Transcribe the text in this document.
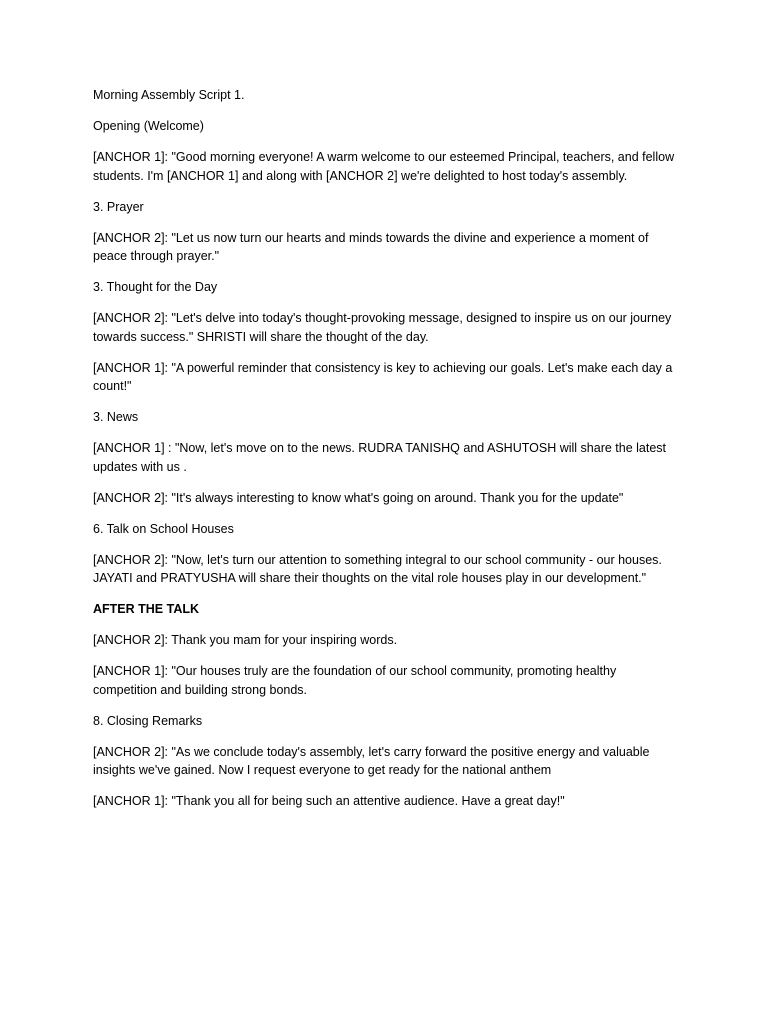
Morning Assembly Script 1.

Opening (Welcome)

[ANCHOR 1]: "Good morning everyone! A warm welcome to our esteemed Principal, teachers, and fellow students. I'm [ANCHOR 1] and along with [ANCHOR 2] we're delighted to host today's assembly.

3. Prayer

[ANCHOR 2]: "Let us now turn our hearts and minds towards the divine and experience a moment of peace through prayer."

3. Thought for the Day

[ANCHOR 2]: "Let's delve into today's thought-provoking message, designed to inspire us on our journey towards success." SHRISTI will share the thought of the day.

[ANCHOR 1]: "A powerful reminder that consistency is key to achieving our goals. Let's make each day a count!"

3. News

[ANCHOR 1] : "Now, let's move on to the news. RUDRA TANISHQ and ASHUTOSH will share the latest updates with us .

[ANCHOR 2]: "It's always interesting to know what's going on around. Thank you for the update"

6. Talk on School Houses

[ANCHOR 2]: "Now, let's turn our attention to something integral to our school community - our houses. JAYATI and PRATYUSHA will share their thoughts on the vital role houses play in our development."

AFTER THE TALK

[ANCHOR 2]: Thank you mam for your inspiring words.

[ANCHOR 1]: "Our houses truly are the foundation of our school community, promoting healthy competition and building strong bonds.

8. Closing Remarks

[ANCHOR 2]: "As we conclude today's assembly, let's carry forward the positive energy and valuable insights we've gained. Now I request everyone to get ready for the national anthem

[ANCHOR 1]: "Thank you all for being such an attentive audience. Have a great day!"
